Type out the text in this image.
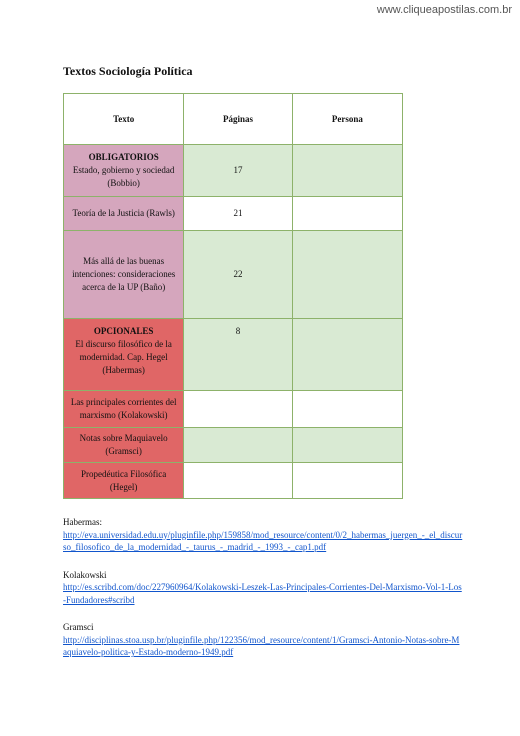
www.cliqueapostilas.com.br
Textos Sociología Política
Texto	Páginas	Persona

OBLIGATORIOS
Estado, gobierno y sociedad (Bobbio)	17	
Teoría de la Justicia (Rawls)	21	
Más allá de las buenas intenciones: consideraciones acerca de la UP (Baño)	22	

OPCIONALES
El discurso filosófico de la modernidad. Cap. Hegel (Habermas)	8	
Las principales corrientes del marxismo (Kolakowski)		
Notas sobre Maquiavelo (Gramsci)		
Propedéutica Filosófica (Hegel)		
Habermas:
http://eva.universidad.edu.uy/pluginfile.php/159858/mod_resource/content/0/2_habermas_juergen_-_el_discurso_filosofico_de_la_modernidad_-_taurus_-_madrid_-_1993_-_cap1.pdf
Kolakowski
http://es.scribd.com/doc/227960964/Kolakowski-Leszek-Las-Principales-Corrientes-Del-Marxismo-Vol-1-Los-Fundadores#scribd
Gramsci
http://disciplinas.stoa.usp.br/pluginfile.php/122356/mod_resource/content/1/Gramsci-Antonio-Notas-sobre-Maquiavelo-politica-y-Estado-moderno-1949.pdf
